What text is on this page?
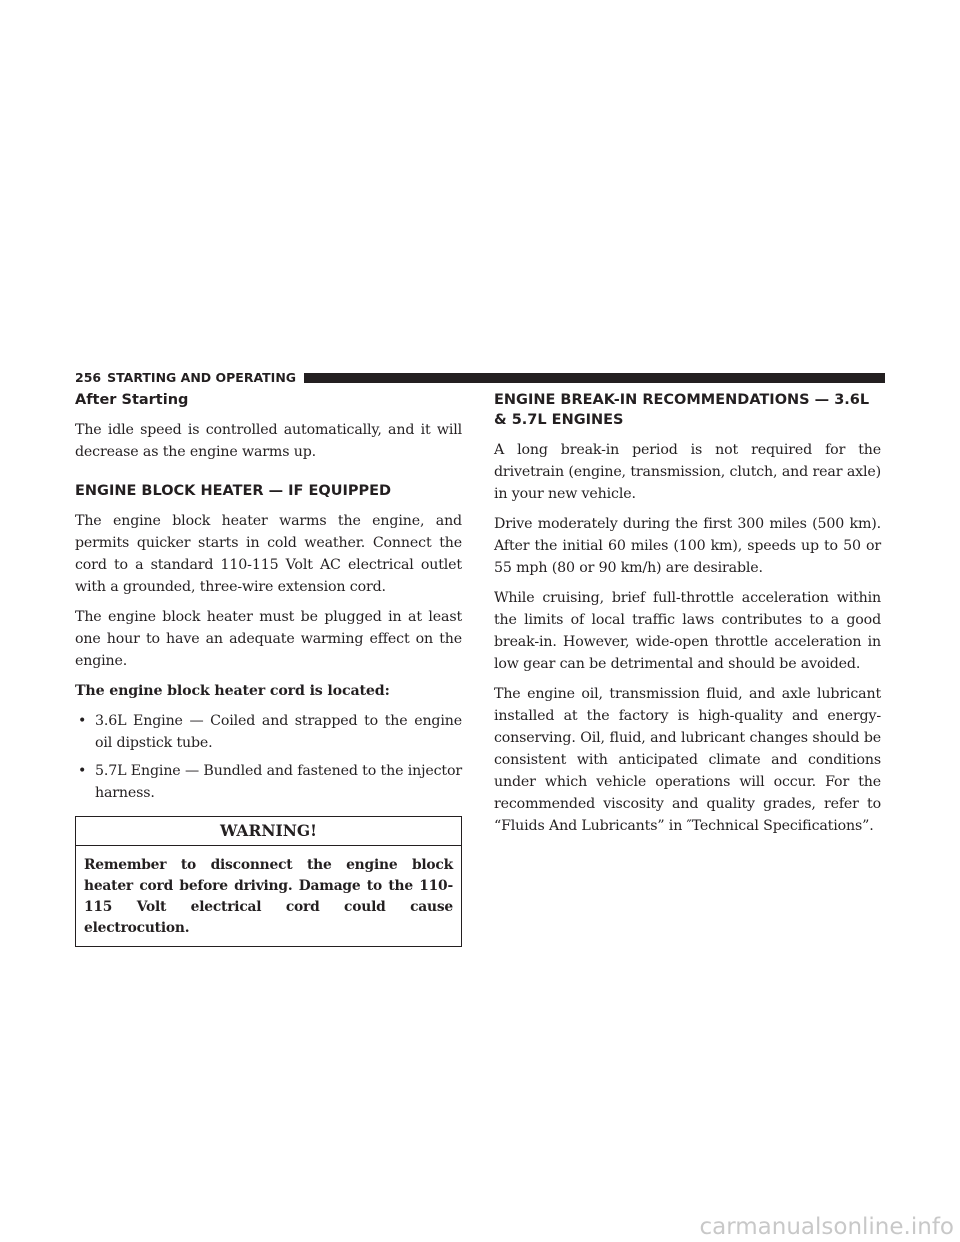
256 STARTING AND OPERATING
After Starting

The idle speed is controlled automatically, and it will decrease as the engine warms up.

ENGINE BLOCK HEATER — IF EQUIPPED

The engine block heater warms the engine, and permits quicker starts in cold weather. Connect the cord to a standard 110-115 Volt AC electrical outlet with a grounded, three-wire extension cord.

The engine block heater must be plugged in at least one hour to have an adequate warming effect on the engine.

The engine block heater cord is located:

• 3.6L Engine — Coiled and strapped to the engine oil dipstick tube.
• 5.7L Engine — Bundled and fastened to the injector harness.
WARNING!
Remember to disconnect the engine block heater cord before driving. Damage to the 110-115 Volt electrical cord could cause electrocution.
ENGINE BREAK-IN RECOMMENDATIONS — 3.6L & 5.7L ENGINES

A long break-in period is not required for the drivetrain (engine, transmission, clutch, and rear axle) in your new vehicle.

Drive moderately during the first 300 miles (500 km). After the initial 60 miles (100 km), speeds up to 50 or 55 mph (80 or 90 km/h) are desirable.

While cruising, brief full-throttle acceleration within the limits of local traffic laws contributes to a good break-in. However, wide-open throttle acceleration in low gear can be detrimental and should be avoided.

The engine oil, transmission fluid, and axle lubricant installed at the factory is high-quality and energy-conserving. Oil, fluid, and lubricant changes should be consistent with anticipated climate and conditions under which vehicle operations will occur. For the recommended viscosity and quality grades, refer to “Fluids And Lubricants” in ″Technical Specifications”.

carmanualsonline.info
